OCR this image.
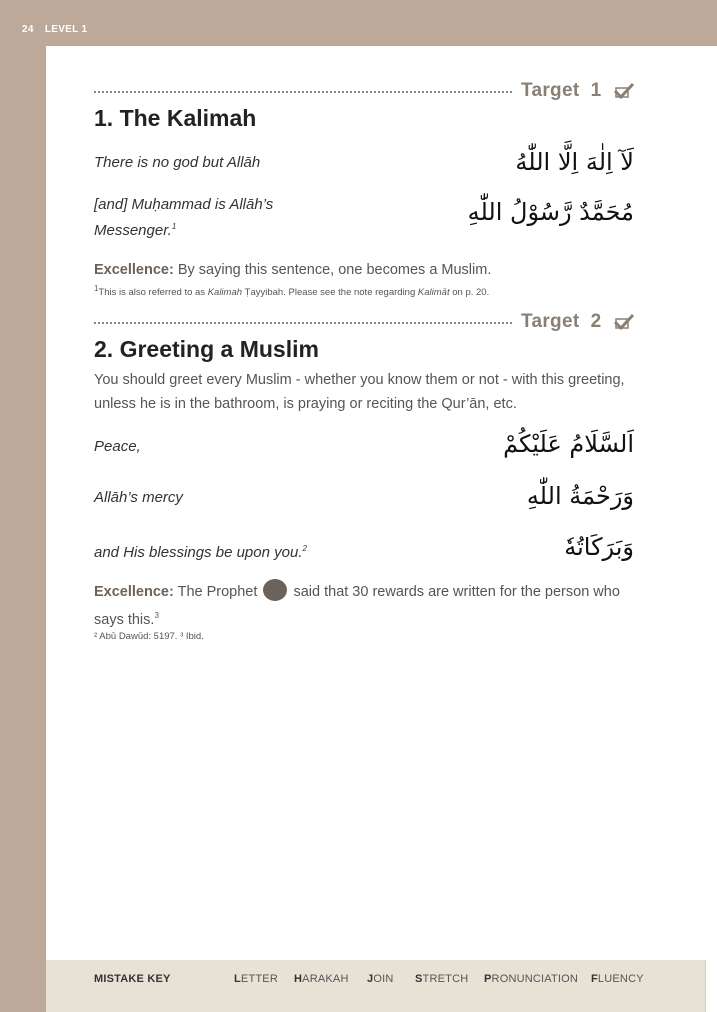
24 LEVEL 1
Target 1
1. The Kalimah
There is no god but Allāh	لَآ اِلٰهَ اِلَّا اللّٰهُ
[and] Muḥammad is Allāh’s
Messenger.$^1$
مُحَمَّدٌ رَّسُوْلُ اللّٰهِ
Excellence: By saying this sentence, one becomes a Muslim.
$^1$This is also referred to as Kalimah Ṭayyibah. Please see the note regarding Kalimāt on p. 20.
Target 2
2. Greeting a Muslim
You should greet every Muslim - whether you know them or not - with this greeting,
unless he is in the bathroom, is praying or reciting the Qur’ān, etc.
Peace,	اَلسَّلَامُ عَلَيْكُمْ
Allāh’s mercy	وَرَحْمَةُ اللّٰهِ
and His blessings be upon you.$^2$	وَبَرَكَاتُهٗ
Excellence: The Prophet said that 30 rewards are written for the person who
says this.$^3$
² Abū Dawūd: 5197. ³ Ibid.
MISTAKE KEY	LETTER HARAKAH JOIN STRETCH PRONUNCIATION FLUENCY
